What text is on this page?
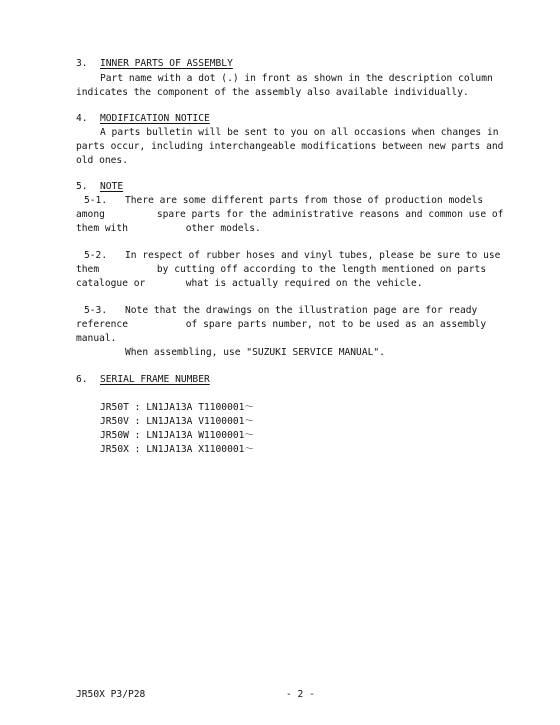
3. INNER PARTS OF ASSEMBLY
Part name with a dot (.) in front as shown in the description column
indicates the component of the assembly also available individually.
4. MODIFICATION NOTICE
A parts bulletin will be sent to you on all occasions when changes in
parts occur, including interchangeable modifications between new parts and
old ones.
5. NOTE
5-1. There are some different parts from those of production models
among         spare parts for the administrative reasons and common use of
them with          other models.
5-2. In respect of rubber hoses and vinyl tubes, please be sure to use
them          by cutting off according to the length mentioned on parts
catalogue or       what is actually required on the vehicle.
5-3. Note that the drawings on the illustration page are for ready
reference          of spare parts number, not to be used as an assembly
manual.
When assembling, use "SUZUKI SERVICE MANUAL".
6. SERIAL FRAME NUMBER
JR50T : LN1JA13A T1100001～
JR50V : LN1JA13A V1100001～
JR50W : LN1JA13A W1100001～
JR50X : LN1JA13A X1100001～
JR50X P3/P28	- 2 -
